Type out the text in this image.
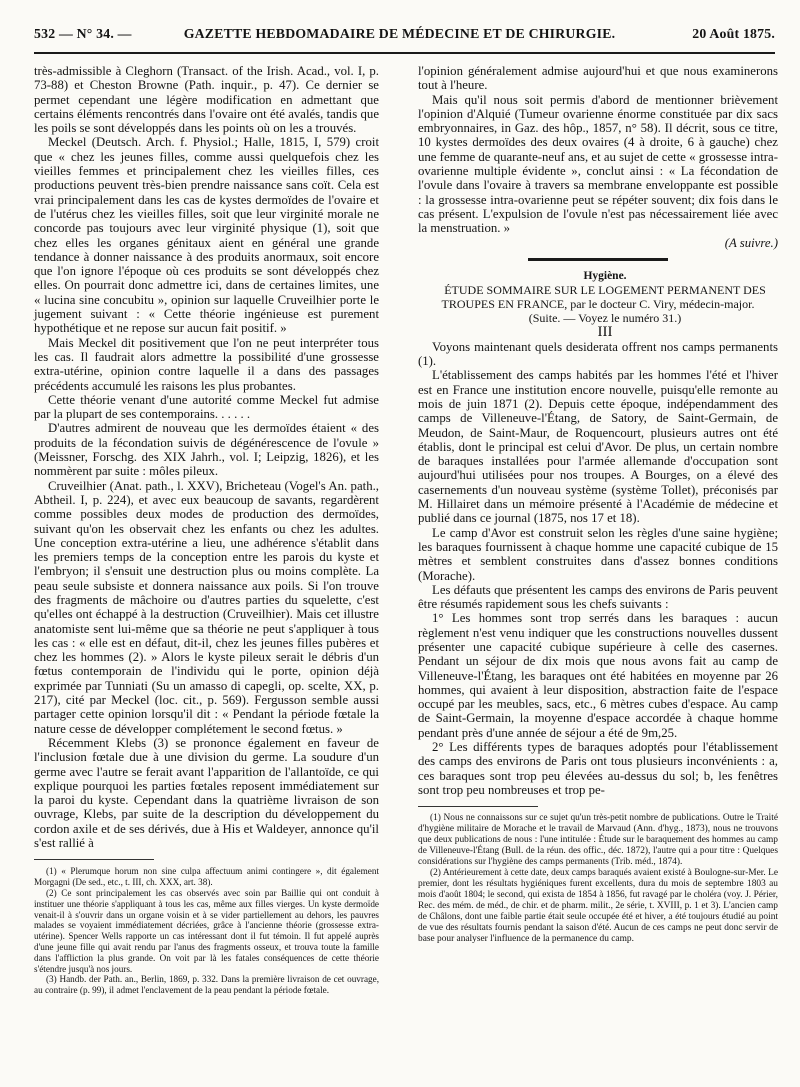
532 — N° 34. —	GAZETTE HEBDOMADAIRE DE MÉDECINE ET DE CHIRURGIE.	20 Août 1875.

très-admissible à Cleghorn (Transact. of the Irish. Acad., vol. I, p. 73-88) et Cheston Browne (Path. inquir., p. 47). Ce dernier se permet cependant une légère modification en admettant que certains éléments rencontrés dans l'ovaire ont été avalés, tandis que les poils se sont développés dans les points où on les a trouvés.

Meckel (Deutsch. Arch. f. Physiol.; Halle, 1815, I, 579) croit que « chez les jeunes filles, comme aussi quelquefois chez les vieilles femmes et principalement chez les vieilles filles, ces productions peuvent très-bien prendre naissance sans coït. Cela est vrai principalement dans les cas de kystes dermoïdes de l'ovaire et de l'utérus chez les vieilles filles, soit que leur virginité morale ne concorde pas toujours avec leur virginité physique (1), soit que chez elles les organes génitaux aient en général une grande tendance à donner naissance à des produits anormaux, soit encore que l'on ignore l'époque où ces produits se sont développés chez elles. On pourrait donc admettre ici, dans de certaines limites, une « lucina sine concubitu », opinion sur laquelle Cruveilhier porte le jugement suivant : « Cette théorie ingénieuse est purement hypothétique et ne repose sur aucun fait positif. »

Mais Meckel dit positivement que l'on ne peut interpréter tous les cas. Il faudrait alors admettre la possibilité d'une grossesse extra-utérine, opinion contre laquelle il a dans des passages précédents accumulé les raisons les plus probantes.

Cette théorie venant d'une autorité comme Meckel fut admise par la plupart de ses contemporains. . . . . .

D'autres admirent de nouveau que les dermoïdes étaient « des produits de la fécondation suivis de dégénérescence de l'ovule » (Meissner, Forschg. des XIX Jahrh., vol. I; Leipzig, 1826), et les nommèrent par suite : môles pileux.

Cruveilhier (Anat. path., l. XXV), Bricheteau (Vogel's An. path., Abtheil. I, p. 224), et avec eux beaucoup de savants, regardèrent comme possibles deux modes de production des dermoïdes, suivant qu'on les observait chez les enfants ou chez les adultes. Une conception extra-utérine a lieu, une adhérence s'établit dans les premiers temps de la conception entre les parois du kyste et l'embryon; il s'ensuit une destruction plus ou moins complète. La peau seule subsiste et donnera naissance aux poils. Si l'on trouve des fragments de mâchoire ou d'autres parties du squelette, c'est qu'elles ont échappé à la destruction (Cruveilhier). Mais cet illustre anatomiste sent lui-même que sa théorie ne peut s'appliquer à tous les cas : « elle est en défaut, dit-il, chez les jeunes filles pubères et chez les hommes (2). » Alors le kyste pileux serait le débris d'un fœtus contemporain de l'individu qui le porte, opinion déjà exprimée par Tunniati (Su un amasso di capegli, op. scelte, XX, p. 217), cité par Meckel (loc. cit., p. 569). Fergusson semble aussi partager cette opinion lorsqu'il dit : « Pendant la période fœtale la nature cesse de développer complétement le second fœtus. »

Récemment Klebs (3) se prononce également en faveur de l'inclusion fœtale due à une division du germe. La soudure d'un germe avec l'autre se ferait avant l'apparition de l'allantoïde, ce qui explique pourquoi les parties fœtales reposent immédiatement sur la paroi du kyste. Cependant dans la quatrième livraison de son ouvrage, Klebs, par suite de la description du développement du cordon axile et de ses dérivés, due à His et Waldeyer, annonce qu'il s'est rallié à

(1) « Plerumque horum non sine culpa affectuum animi contingere », dit également Morgagni (De sed., etc., t. III, ch. XXX, art. 38).

(2) Ce sont principalement les cas observés avec soin par Baillie qui ont conduit à instituer une théorie s'appliquant à tous les cas, même aux filles vierges. Un kyste dermoïde venait-il à s'ouvrir dans un organe voisin et à se vider partiellement au dehors, les pauvres malades se voyaient immédiatement décriées, grâce à l'ancienne théorie (grossesse extra-utérine). Spencer Wells rapporte un cas intéressant dont il fut témoin. Il fut appelé auprès d'une jeune fille qui avait rendu par l'anus des fragments osseux, et trouva toute la famille dans l'affliction la plus grande. On voit par là les fatales conséquences de cette théorie s'étendre jusqu'à nos jours.

(3) Handb. der Path. an., Berlin, 1869, p. 332. Dans la première livraison de cet ouvrage, au contraire (p. 99), il admet l'enclavement de la peau pendant la période fœtale.

l'opinion généralement admise aujourd'hui et que nous examinerons tout à l'heure.

Mais qu'il nous soit permis d'abord de mentionner brièvement l'opinion d'Alquié (Tumeur ovarienne énorme constituée par dix sacs embryonnaires, in Gaz. des hôp., 1857, n° 58). Il décrit, sous ce titre, 10 kystes dermoïdes des deux ovaires (4 à droite, 6 à gauche) chez une femme de quarante-neuf ans, et au sujet de cette « grossesse intra-ovarienne multiple évidente », conclut ainsi : « La fécondation de l'ovule dans l'ovaire à travers sa membrane enveloppante est possible : la grossesse intra-ovarienne peut se répéter souvent; dix fois dans le cas présent. L'expulsion de l'ovule n'est pas nécessairement liée avec la menstruation. »

(A suivre.)

Hygiène.

ÉTUDE SOMMAIRE SUR LE LOGEMENT PERMANENT DES TROUPES EN FRANCE, par le docteur C. Viry, médecin-major.

(Suite. — Voyez le numéro 31.)

III

Voyons maintenant quels desiderata offrent nos camps permanents (1).

L'établissement des camps habités par les hommes l'été et l'hiver est en France une institution encore nouvelle, puisqu'elle remonte au mois de juin 1871 (2). Depuis cette époque, indépendamment des camps de Villeneuve-l'Étang, de Satory, de Saint-Germain, de Meudon, de Saint-Maur, de Roquencourt, plusieurs autres ont été établis, dont le principal est celui d'Avor. De plus, un certain nombre de baraques installées pour l'armée allemande d'occupation sont aujourd'hui utilisées pour nos troupes. A Bourges, on a élevé des casernements d'un nouveau système (système Tollet), préconisés par M. Hillairet dans un mémoire présenté à l'Académie de médecine et publié dans ce journal (1875, nos 17 et 18).

Le camp d'Avor est construit selon les règles d'une saine hygiène; les baraques fournissent à chaque homme une capacité cubique de 15 mètres et semblent construites dans d'assez bonnes conditions (Morache).

Les défauts que présentent les camps des environs de Paris peuvent être résumés rapidement sous les chefs suivants :

1° Les hommes sont trop serrés dans les baraques : aucun règlement n'est venu indiquer que les constructions nouvelles dussent présenter une capacité cubique supérieure à celle des casernes. Pendant un séjour de dix mois que nous avons fait au camp de Villeneuve-l'Étang, les baraques ont été habitées en moyenne par 26 hommes, qui avaient à leur disposition, abstraction faite de l'espace occupé par les meubles, sacs, etc., 6 mètres cubes d'espace. Au camp de Saint-Germain, la moyenne d'espace accordée à chaque homme pendant près d'une année de séjour a été de 9m,25.

2° Les différents types de baraques adoptés pour l'établissement des camps des environs de Paris ont tous plusieurs inconvénients : a, ces baraques sont trop peu élevées au-dessus du sol; b, les fenêtres sont trop peu nombreuses et trop pe-

(1) Nous ne connaissons sur ce sujet qu'un très-petit nombre de publications. Outre le Traité d'hygiène militaire de Morache et le travail de Marvaud (Ann. d'hyg., 1873), nous ne trouvons que deux publications de nous : l'une intitulée : Étude sur le baraquement des hommes au camp de Villeneuve-l'Étang (Bull. de la réun. des offic., déc. 1872), l'autre qui a pour titre : Quelques considérations sur l'hygiène des camps permanents (Trib. méd., 1874).

(2) Antérieurement à cette date, deux camps baraqués avaient existé à Boulogne-sur-Mer. Le premier, dont les résultats hygiéniques furent excellents, dura du mois de septembre 1803 au mois d'août 1804; le second, qui exista de 1854 à 1856, fut ravagé par le choléra (voy. J. Périer, Rec. des mém. de méd., de chir. et de pharm. milit., 2e série, t. XVIII, p. 1 et 3). L'ancien camp de Châlons, dont une faible partie était seule occupée été et hiver, a été toujours étudié au point de vue des résultats fournis pendant la saison d'été. Aucun de ces camps ne peut donc servir de base pour analyser l'influence de la permanence du camp.
